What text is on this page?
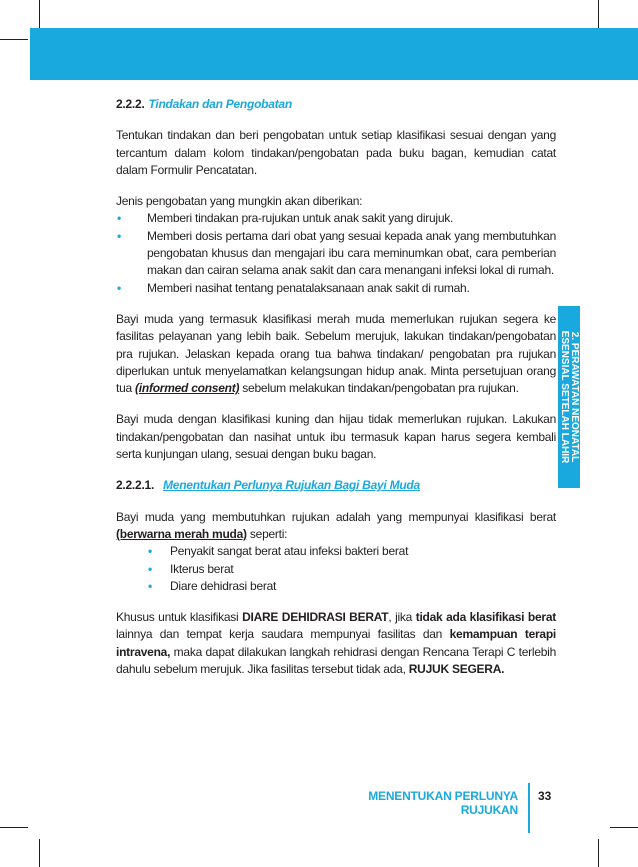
2. PERAWATAN NEONATAL
ESENSIAL SETELAH LAHIR

2.2.2. Tindakan dan Pengobatan

Tentukan tindakan dan beri pengobatan untuk setiap klasifikasi sesuai dengan yang tercantum dalam kolom tindakan/pengobatan pada buku bagan, kemudian catat dalam Formulir Pencatatan.

Jenis pengobatan yang mungkin akan diberikan:

• Memberi tindakan pra-rujukan untuk anak sakit yang dirujuk.
• Memberi dosis pertama dari obat yang sesuai kepada anak yang membutuhkan pengobatan khusus dan mengajari ibu cara meminumkan obat, cara pemberian makan dan cairan selama anak sakit dan cara menangani infeksi lokal di rumah.
• Memberi nasihat tentang penatalaksanaan anak sakit di rumah.

Bayi muda yang termasuk klasifikasi merah muda memerlukan rujukan segera ke fasilitas pelayanan yang lebih baik. Sebelum merujuk, lakukan tindakan/pengobatan pra rujukan. Jelaskan kepada orang tua bahwa tindakan/ pengobatan pra rujukan diperlukan untuk menyelamatkan kelangsungan hidup anak. Minta persetujuan orang tua (informed consent) sebelum melakukan tindakan/pengobatan pra rujukan.

Bayi muda dengan klasifikasi kuning dan hijau tidak memerlukan rujukan. Lakukan tindakan/pengobatan dan nasihat untuk ibu termasuk kapan harus segera kembali serta kunjungan ulang, sesuai dengan buku bagan.

2.2.2.1. Menentukan Perlunya Rujukan Bagi Bayi Muda

Bayi muda yang membutuhkan rujukan adalah yang mempunyai klasifikasi berat (berwarna merah muda) seperti:

• Penyakit sangat berat atau infeksi bakteri berat
• Ikterus berat
• Diare dehidrasi berat

Khusus untuk klasifikasi DIARE DEHIDRASI BERAT, jika tidak ada klasifikasi berat lainnya dan tempat kerja saudara mempunyai fasilitas dan kemampuan terapi intravena, maka dapat dilakukan langkah rehidrasi dengan Rencana Terapi C terlebih dahulu sebelum merujuk. Jika fasilitas tersebut tidak ada, RUJUK SEGERA.

MENENTUKAN PERLUNYA RUJUKAN
33
